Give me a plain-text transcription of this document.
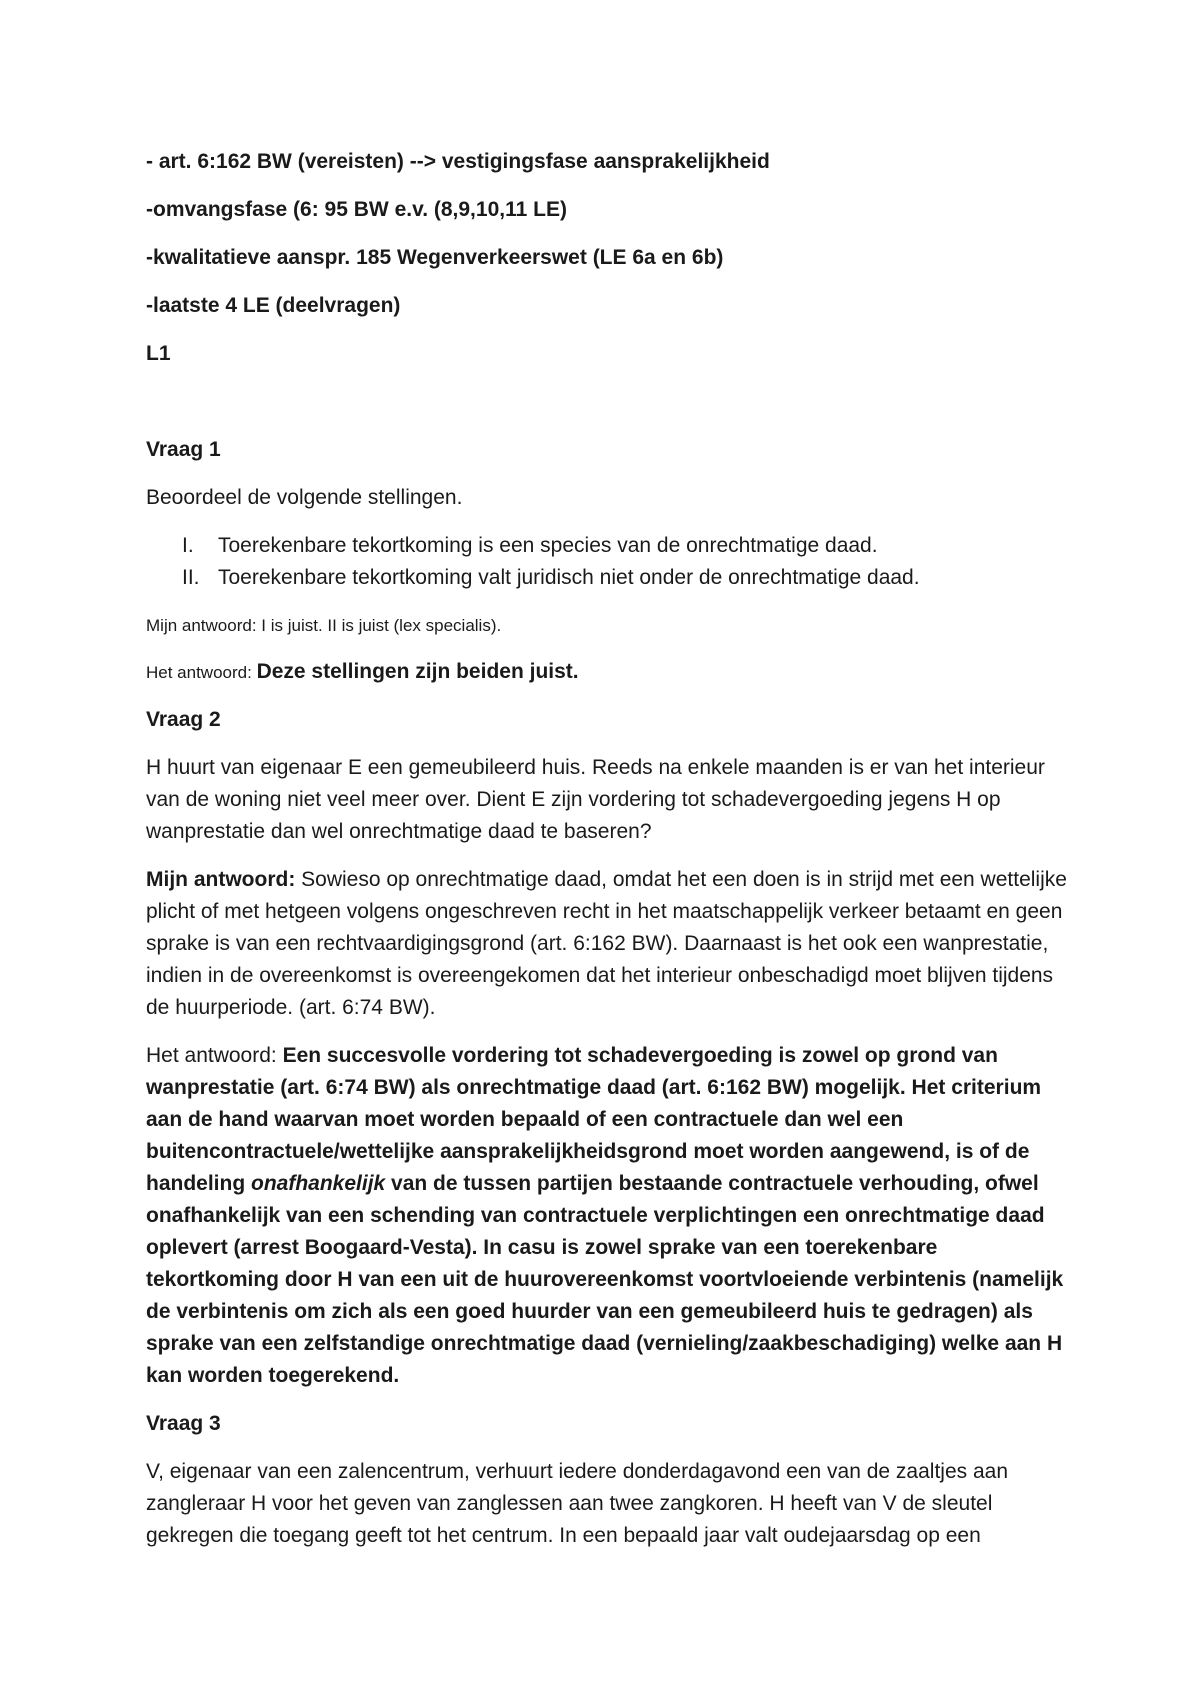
- art. 6:162 BW (vereisten) --> vestigingsfase aansprakelijkheid

-omvangsfase (6: 95 BW e.v. (8,9,10,11 LE)

-kwalitatieve aanspr. 185 Wegenverkeerswet (LE 6a en 6b)

-laatste 4 LE (deelvragen)

L1

Vraag 1

Beoordeel de volgende stellingen.

I. Toerekenbare tekortkoming is een species van de onrechtmatige daad.
II. Toerekenbare tekortkoming valt juridisch niet onder de onrechtmatige daad.

Mijn antwoord: I is juist. II is juist (lex specialis).

Het antwoord: Deze stellingen zijn beiden juist.

Vraag 2

H huurt van eigenaar E een gemeubileerd huis. Reeds na enkele maanden is er van het interieur van de woning niet veel meer over. Dient E zijn vordering tot schadevergoeding jegens H op wanprestatie dan wel onrechtmatige daad te baseren?

Mijn antwoord: Sowieso op onrechtmatige daad, omdat het een doen is in strijd met een wettelijke plicht of met hetgeen volgens ongeschreven recht in het maatschappelijk verkeer betaamt en geen sprake is van een rechtvaardigingsgrond (art. 6:162 BW). Daarnaast is het ook een wanprestatie, indien in de overeenkomst is overeengekomen dat het interieur onbeschadigd moet blijven tijdens de huurperiode. (art. 6:74 BW).

Het antwoord: Een succesvolle vordering tot schadevergoeding is zowel op grond van wanprestatie (art. 6:74 BW) als onrechtmatige daad (art. 6:162 BW) mogelijk. Het criterium aan de hand waarvan moet worden bepaald of een contractuele dan wel een buitencontractuele/wettelijke aansprakelijkheidsgrond moet worden aangewend, is of de handeling onafhankelijk van de tussen partijen bestaande contractuele verhouding, ofwel onafhankelijk van een schending van contractuele verplichtingen een onrechtmatige daad oplevert (arrest Boogaard-Vesta). In casu is zowel sprake van een toerekenbare tekortkoming door H van een uit de huurovereenkomst voortvloeiende verbintenis (namelijk de verbintenis om zich als een goed huurder van een gemeubileerd huis te gedragen) als sprake van een zelfstandige onrechtmatige daad (vernieling/zaakbeschadiging) welke aan H kan worden toegerekend.

Vraag 3

V, eigenaar van een zalencentrum, verhuurt iedere donderdagavond een van de zaaltjes aan zangleraar H voor het geven van zanglessen aan twee zangkoren. H heeft van V de sleutel gekregen die toegang geeft tot het centrum. In een bepaald jaar valt oudejaarsdag op een
